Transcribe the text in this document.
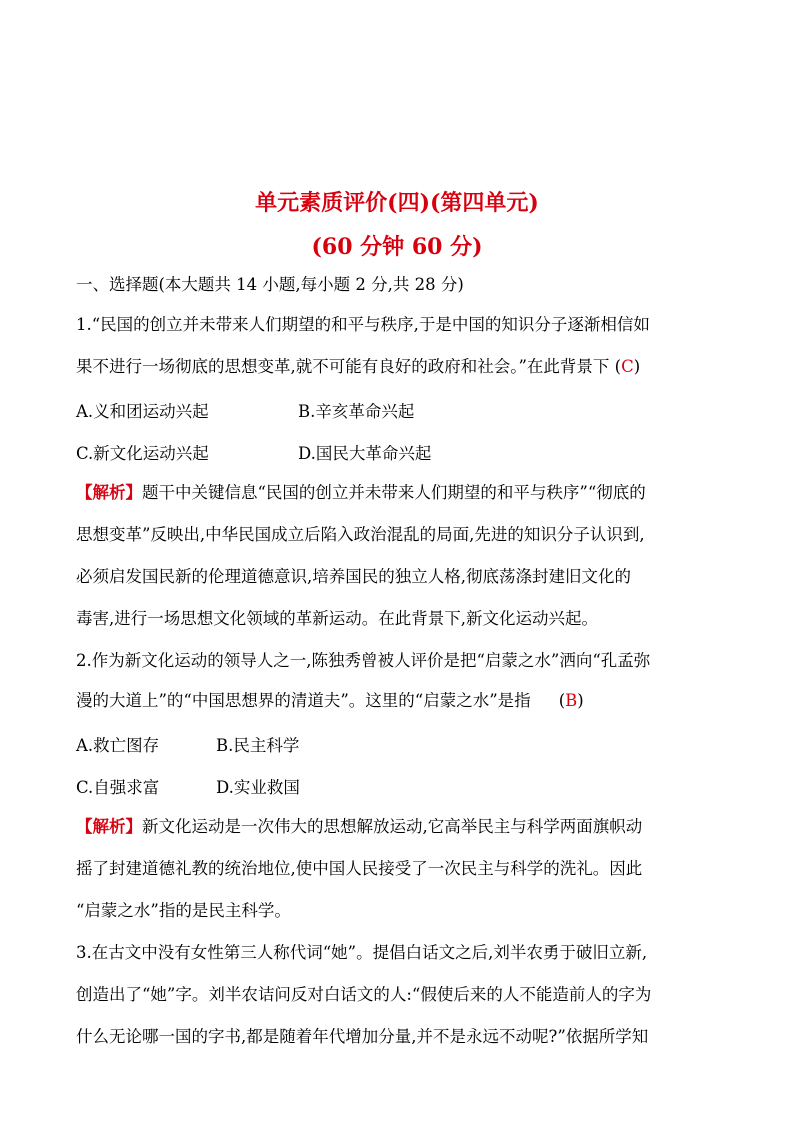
单元素质评价(四)(第四单元)
(60 分钟 60 分)
一、选择题(本大题共 14 小题,每小题 2 分,共 28 分)
1.“民国的创立并未带来人们期望的和平与秩序,于是中国的知识分子逐渐相信如
果不进行一场彻底的思想变革,就不可能有良好的政府和社会。”在此背景下 (C)
A.义和团运动兴起	B.辛亥革命兴起
C.新文化运动兴起	D.国民大革命兴起
【解析】题干中关键信息“民国的创立并未带来人们期望的和平与秩序”“彻底的
思想变革”反映出,中华民国成立后陷入政治混乱的局面,先进的知识分子认识到,
必须启发国民新的伦理道德意识,培养国民的独立人格,彻底荡涤封建旧文化的
毒害,进行一场思想文化领域的革新运动。在此背景下,新文化运动兴起。
2.作为新文化运动的领导人之一,陈独秀曾被人评价是把“启蒙之水”洒向“孔孟弥
漫的大道上”的“中国思想界的清道夫”。这里的“启蒙之水”是指 (B)
A.救亡图存	B.民主科学
C.自强求富	D.实业救国
【解析】新文化运动是一次伟大的思想解放运动,它高举民主与科学两面旗帜动
摇了封建道德礼教的统治地位,使中国人民接受了一次民主与科学的洗礼。因此
“启蒙之水”指的是民主科学。
3.在古文中没有女性第三人称代词“她”。提倡白话文之后,刘半农勇于破旧立新,
创造出了“她”字。刘半农诘问反对白话文的人:“假使后来的人不能造前人的字为
什么无论哪一国的字书,都是随着年代增加分量,并不是永远不动呢?”依据所学知
